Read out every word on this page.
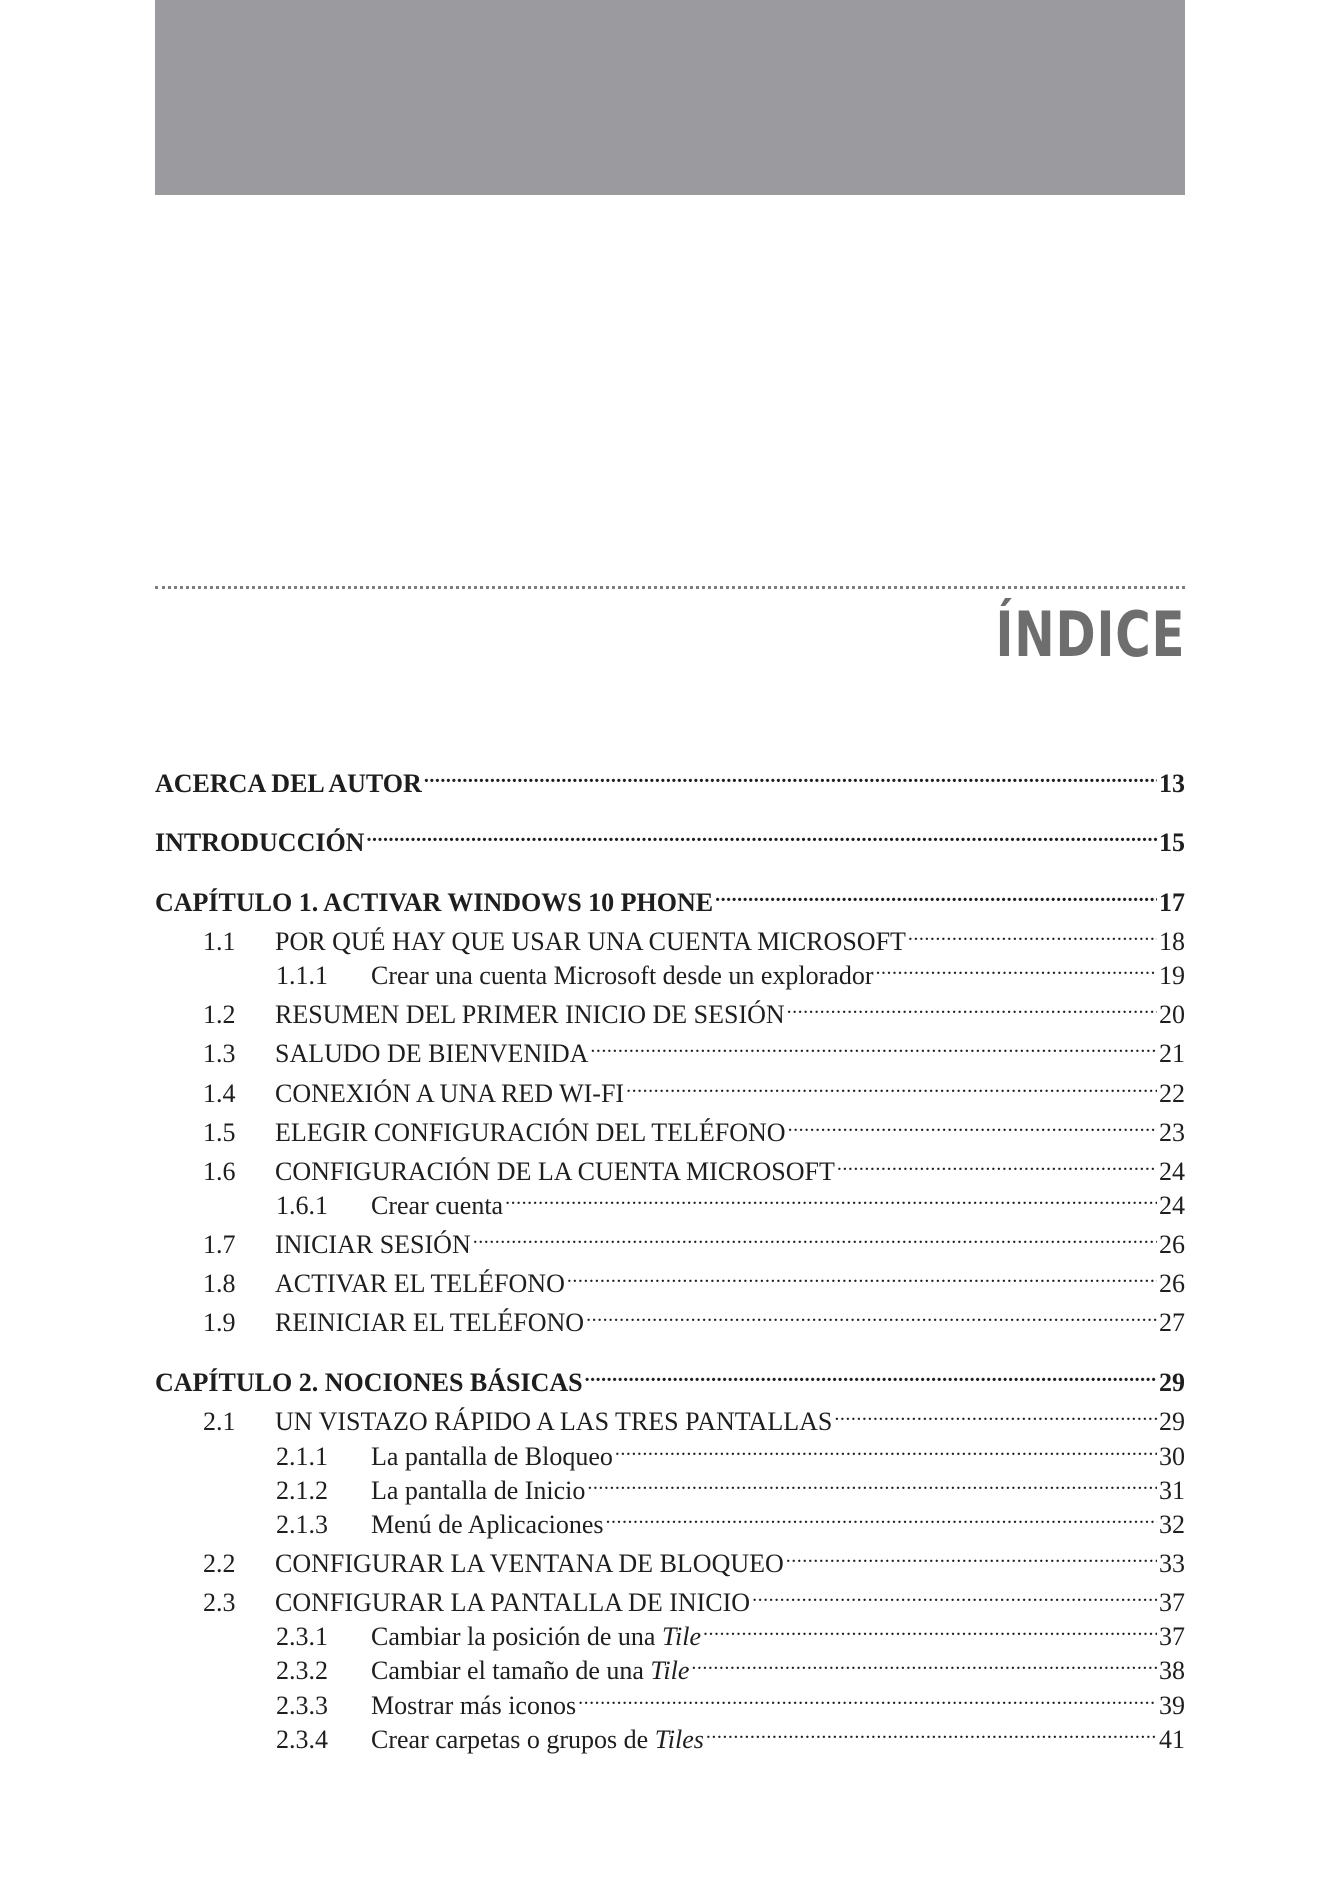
ÍNDICE
ACERCA DEL AUTOR .....	13
INTRODUCCIÓN .....	15
CAPÍTULO 1. ACTIVAR WINDOWS 10 PHONE .....	17
1.1	POR QUÉ HAY QUE USAR UNA CUENTA MICROSOFT .....	18
1.1.1	Crear una cuenta Microsoft desde un explorador .....	19
1.2	RESUMEN DEL PRIMER INICIO DE SESIÓN .....	20
1.3	SALUDO DE BIENVENIDA .....	21
1.4	CONEXIÓN A UNA RED WI-FI .....	22
1.5	ELEGIR CONFIGURACIÓN DEL TELÉFONO .....	23
1.6	CONFIGURACIÓN DE LA CUENTA MICROSOFT .....	24
1.6.1	Crear cuenta .....	24
1.7	INICIAR SESIÓN .....	26
1.8	ACTIVAR EL TELÉFONO .....	26
1.9	REINICIAR EL TELÉFONO .....	27
CAPÍTULO 2. NOCIONES BÁSICAS .....	29
2.1	UN VISTAZO RÁPIDO A LAS TRES PANTALLAS .....	29
2.1.1	La pantalla de Bloqueo .....	30
2.1.2	La pantalla de Inicio .....	31
2.1.3	Menú de Aplicaciones .....	32
2.2	CONFIGURAR LA VENTANA DE BLOQUEO .....	33
2.3	CONFIGURAR LA PANTALLA DE INICIO .....	37
2.3.1	Cambiar la posición de una Tile .....	37
2.3.2	Cambiar el tamaño de una Tile .....	38
2.3.3	Mostrar más iconos .....	39
2.3.4	Crear carpetas o grupos de Tiles .....	41
